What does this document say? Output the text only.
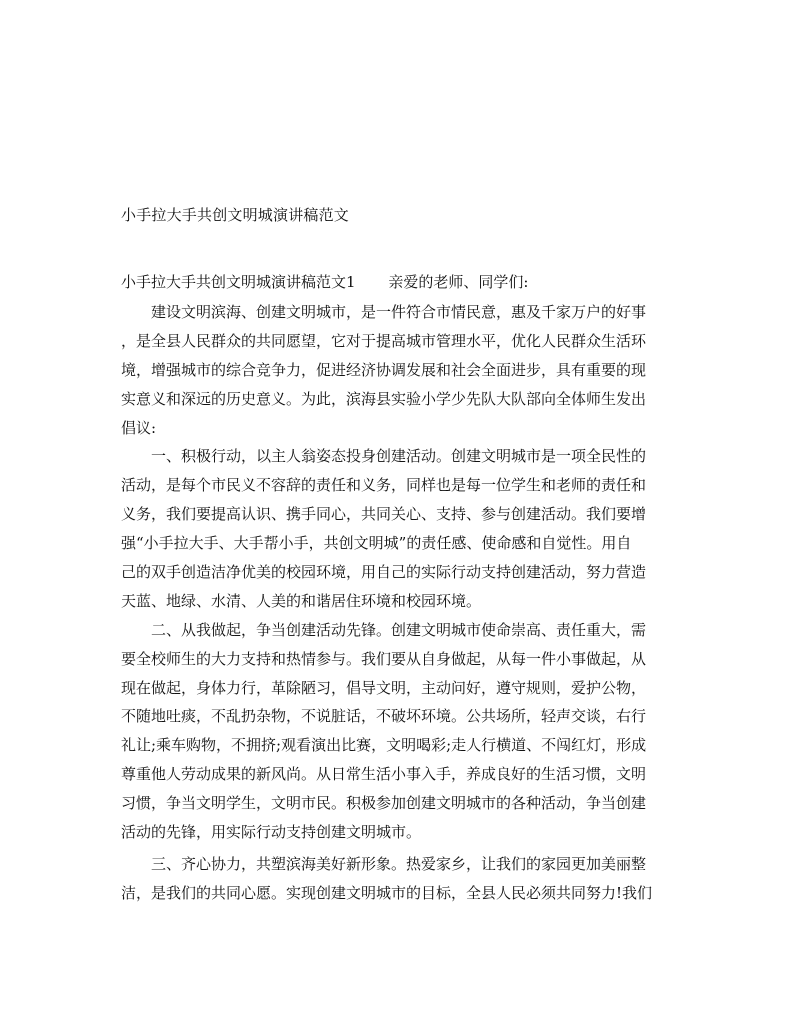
小手拉大手共创文明城演讲稿范文
小手拉大手共创文明城演讲稿范文1 亲爱的老师、同学们:
建设文明滨海、创建文明城市，是一件符合市情民意，惠及千家万户的好事
，是全县人民群众的共同愿望，它对于提高城市管理水平，优化人民群众生活环
境，增强城市的综合竞争力，促进经济协调发展和社会全面进步，具有重要的现
实意义和深远的历史意义。为此，滨海县实验小学少先队大队部向全体师生发出
倡议:
一、积极行动，以主人翁姿态投身创建活动。创建文明城市是一项全民性的
活动，是每个市民义不容辞的责任和义务，同样也是每一位学生和老师的责任和
义务，我们要提高认识、携手同心，共同关心、支持、参与创建活动。我们要增
强“小手拉大手、大手帮小手，共创文明城”的责任感、使命感和自觉性。用自
己的双手创造洁净优美的校园环境，用自己的实际行动支持创建活动，努力营造
天蓝、地绿、水清、人美的和谐居住环境和校园环境。
二、从我做起，争当创建活动先锋。创建文明城市使命崇高、责任重大，需
要全校师生的大力支持和热情参与。我们要从自身做起，从每一件小事做起，从
现在做起，身体力行，革除陋习，倡导文明，主动问好，遵守规则，爱护公物，
不随地吐痰，不乱扔杂物，不说脏话，不破坏环境。公共场所，轻声交谈，右行
礼让;乘车购物，不拥挤;观看演出比赛，文明喝彩;走人行横道、不闯红灯，形成
尊重他人劳动成果的新风尚。从日常生活小事入手，养成良好的生活习惯，文明
习惯，争当文明学生，文明市民。积极参加创建文明城市的各种活动，争当创建
活动的先锋，用实际行动支持创建文明城市。
三、齐心协力，共塑滨海美好新形象。热爱家乡，让我们的家园更加美丽整
洁，是我们的共同心愿。实现创建文明城市的目标，全县人民必须共同努力!我们
